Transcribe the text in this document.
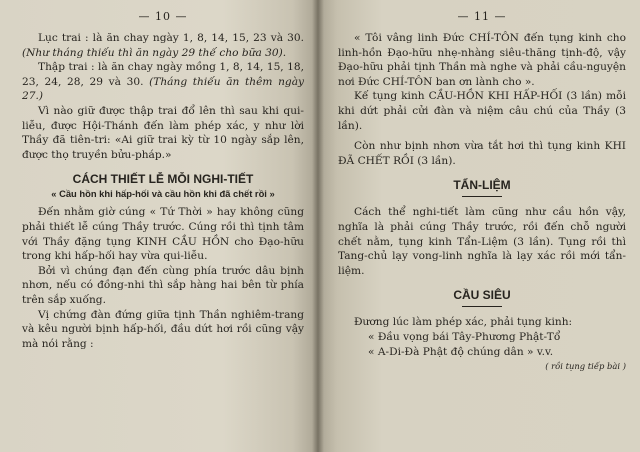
— 10 —

Lục trai : là ăn chay ngày 1, 8, 14, 15, 23 và 30.(Như tháng thiếu thì ăn ngày 29 thế cho bữa 30).

Thập trai : là ăn chay ngày mồng 1, 8, 14, 15, 18, 23, 24, 28, 29 và 30. (Tháng thiếu ăn thêm ngày 27.)

Vì nào giữ được thập trai đổ lên thì sau khi qui-liễu, được Hội-Thánh đến làm phép xác, y như lời Thầy đã tiên-tri: «Ai giữ trai kỳ từ 10 ngày sắp lên, được thọ truyền bửu-pháp.»

CÁCH THIẾT LỄ MỖI NGHI-TIẾT
« Cầu hồn khi hấp-hối và cầu hồn khi đã chết rồi »

Đến nhằm giờ cúng « Tứ Thời » hay không cũng phải thiết lễ cúng Thầy trước. Cúng rồi thì tịnh tâm với Thầy đặng tụng KINH CẦU HỒN cho Đạo-hữu trong khi hấp-hối hay vừa qui-liễu.

Bởi vì chúng đạn đến cùng phía trước dâu bịnh nhơn, nếu có đồng-nhi thì sắp hàng hai bên từ phía trên sắp xuống.

Vị chứng đàn đứng giữa tịnh Thần nghiêm-trang và kêu người bịnh hấp-hối, đầu dứt hơi rồi cũng vậy mà nói rằng :

— 11 —

« Tôi vâng linh Đức CHÍ-TÔN đến tụng kinh cho linh-hồn Đạo-hữu nhẹ-nhàng siêu-thăng tịnh-độ, vậy Đạo-hữu phải tịnh Thần mà nghe và phải cầu-nguyện nơi Đức CHÍ-TÔN ban ơn lành cho ».

Kế tụng kinh CẦU-HỒN KHI HẤP-HỐI (3 lần) mỗi khi dứt phải cửi đàn và niệm câu chú của Thầy (3 lần).

Còn như bịnh nhơn vừa tắt hơi thì tụng kinh KHI ĐÃ CHẾT RỒI (3 lần).

TẨN-LIỆM

Cách thể nghi-tiết làm cũng như cầu hồn vậy, nghĩa là phải cúng Thầy trước, rồi đến chỗ người chết nằm, tụng kinh Tẩn-Liệm (3 lần). Tụng rồi thì Tang-chủ lạy vong-linh nghĩa là lạy xác rồi mới tẩn-liệm.

CẦU SIÊU

Đương lúc làm phép xác, phải tụng kinh:

« Đầu vọng bái Tây-Phương Phật-Tổ

« A-Di-Đà Phật độ chúng dân » v.v.

( rồi tụng tiếp bài )
